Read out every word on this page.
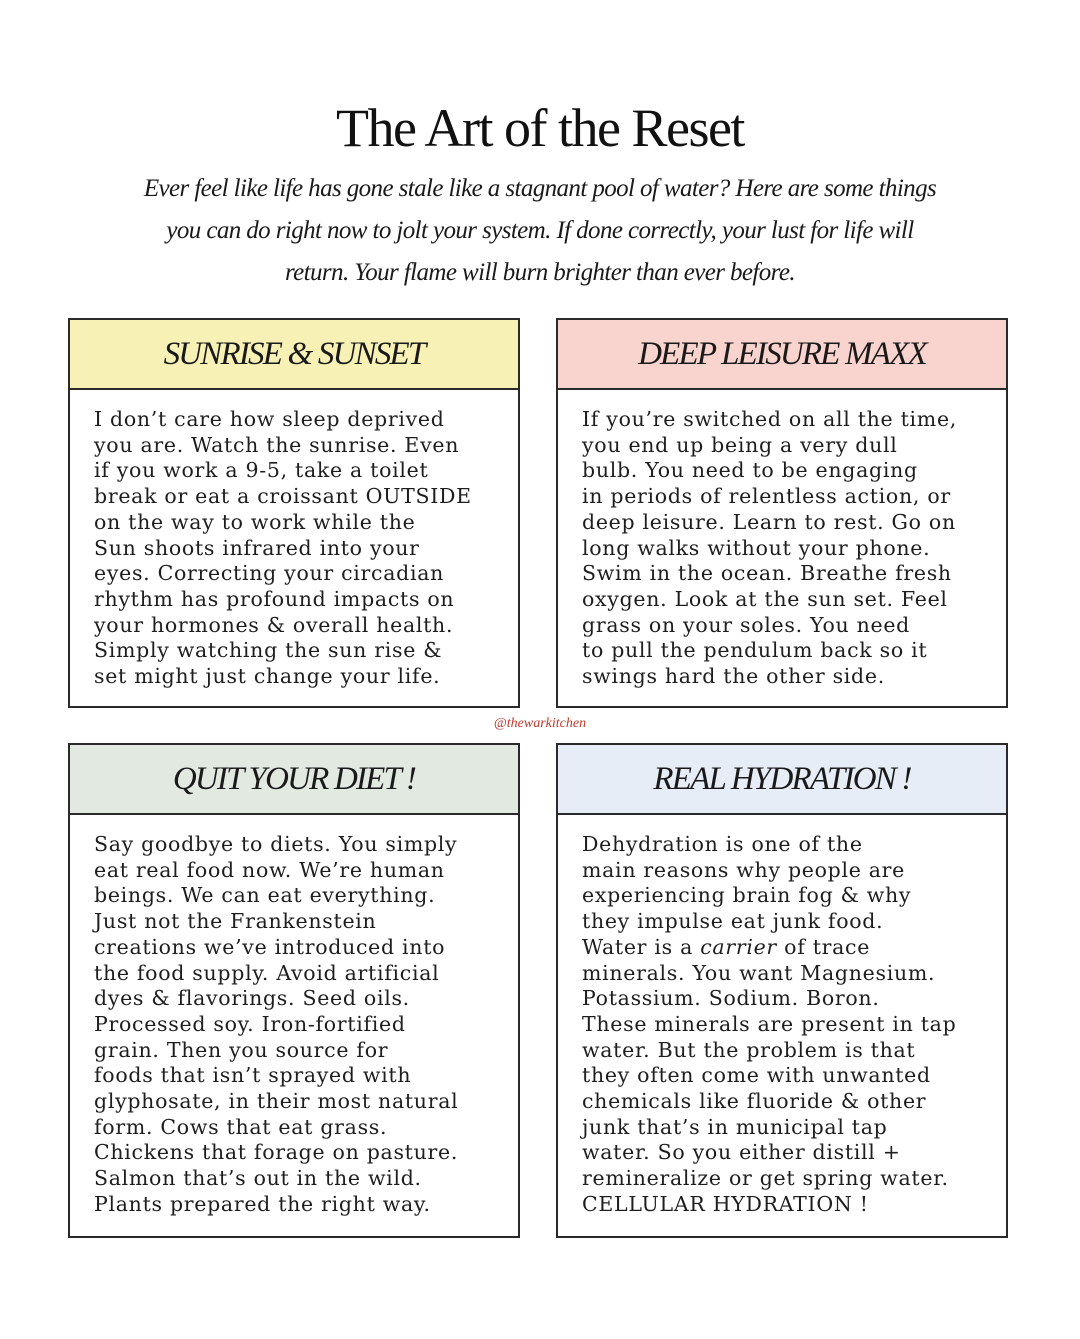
The Art of the Reset
Ever feel like life has gone stale like a stagnant pool of water? Here are some things you can do right now to jolt your system. If done correctly, your lust for life will return. Your flame will burn brighter than ever before.
SUNRISE & SUNSET
I don’t care how sleep deprived
you are. Watch the sunrise. Even
if you work a 9-5, take a toilet
break or eat a croissant OUTSIDE
on the way to work while the
Sun shoots infrared into your
eyes. Correcting your circadian
rhythm has profound impacts on
your hormones & overall health.
Simply watching the sun rise &
set might just change your life.
DEEP LEISURE MAXX
If you’re switched on all the time,
you end up being a very dull
bulb. You need to be engaging
in periods of relentless action, or
deep leisure. Learn to rest. Go on
long walks without your phone.
Swim in the ocean. Breathe fresh
oxygen. Look at the sun set. Feel
grass on your soles. You need
to pull the pendulum back so it
swings hard the other side.
@thewarkitchen
QUIT YOUR DIET !
Say goodbye to diets. You simply
eat real food now. We’re human
beings. We can eat everything.
Just not the Frankenstein
creations we’ve introduced into
the food supply. Avoid artificial
dyes & flavorings. Seed oils.
Processed soy. Iron-fortified
grain. Then you source for
foods that isn’t sprayed with
glyphosate, in their most natural
form. Cows that eat grass.
Chickens that forage on pasture.
Salmon that’s out in the wild.
Plants prepared the right way.
REAL HYDRATION !
Dehydration is one of the
main reasons why people are
experiencing brain fog & why
they impulse eat junk food.
Water is a carrier of trace
minerals. You want Magnesium.
Potassium. Sodium. Boron.
These minerals are present in tap
water. But the problem is that
they often come with unwanted
chemicals like fluoride & other
junk that’s in municipal tap
water. So you either distill +
remineralize or get spring water.
CELLULAR HYDRATION !
